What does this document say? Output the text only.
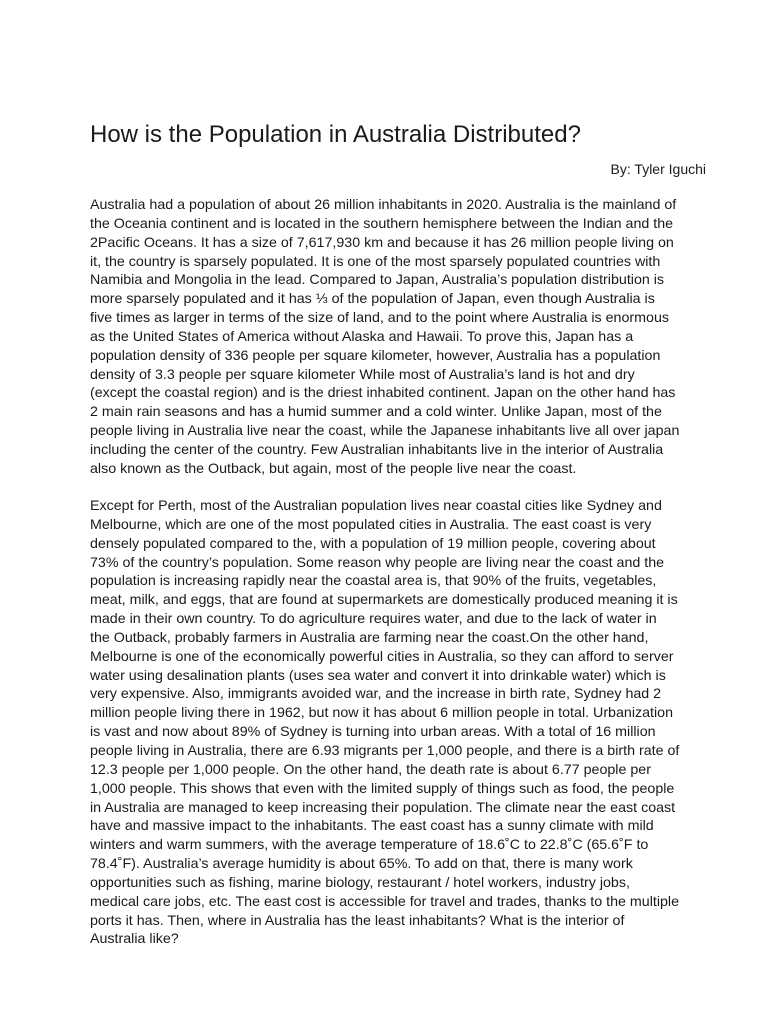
How is the Population in Australia Distributed?
By: Tyler Iguchi

Australia had a population of about 26 million inhabitants in 2020. Australia is the mainland of the Oceania continent and is located in the southern hemisphere between the Indian and the 2Pacific Oceans. It has a size of 7,617,930 km and because it has 26 million people living on it, the country is sparsely populated. It is one of the most sparsely populated countries with Namibia and Mongolia in the lead. Compared to Japan, Australia’s population distribution is more sparsely populated and it has ⅓ of the population of Japan, even though Australia is five times as larger in terms of the size of land, and to the point where Australia is enormous as the United States of America without Alaska and Hawaii. To prove this, Japan has a population density of 336 people per square kilometer, however, Australia has a population density of 3.3 people per square kilometer While most of Australia’s land is hot and dry (except the coastal region) and is the driest inhabited continent. Japan on the other hand has 2 main rain seasons and has a humid summer and a cold winter. Unlike Japan, most of the people living in Australia live near the coast, while the Japanese inhabitants live all over japan including the center of the country. Few Australian inhabitants live in the interior of Australia also known as the Outback, but again, most of the people live near the coast.

Except for Perth, most of the Australian population lives near coastal cities like Sydney and Melbourne, which are one of the most populated cities in Australia. The east coast is very densely populated compared to the, with a population of 19 million people, covering about 73% of the country’s population. Some reason why people are living near the coast and the population is increasing rapidly near the coastal area is, that 90% of the fruits, vegetables, meat, milk, and eggs, that are found at supermarkets are domestically produced meaning it is made in their own country. To do agriculture requires water, and due to the lack of water in the Outback, probably farmers in Australia are farming near the coast.On the other hand, Melbourne is one of the economically powerful cities in Australia, so they can afford to server water using desalination plants (uses sea water and convert it into drinkable water) which is very expensive. Also, immigrants avoided war, and the increase in birth rate, Sydney had 2 million people living there in 1962, but now it has about 6 million people in total. Urbanization is vast and now about 89% of Sydney is turning into urban areas. With a total of 16 million people living in Australia, there are 6.93 migrants per 1,000 people, and there is a birth rate of 12.3 people per 1,000 people. On the other hand, the death rate is about 6.77 people per 1,000 people. This shows that even with the limited supply of things such as food, the people in Australia are managed to keep increasing their population. The climate near the east coast have and massive impact to the inhabitants. The east coast has a sunny climate with mild winters and warm summers, with the average temperature of 18.6˚C to 22.8˚C (65.6˚F to 78.4˚F). Australia’s average humidity is about 65%. To add on that, there is many work opportunities such as fishing, marine biology, restaurant / hotel workers, industry jobs, medical care jobs, etc. The east cost is accessible for travel and trades, thanks to the multiple ports it has. Then, where in Australia has the least inhabitants? What is the interior of Australia like?
